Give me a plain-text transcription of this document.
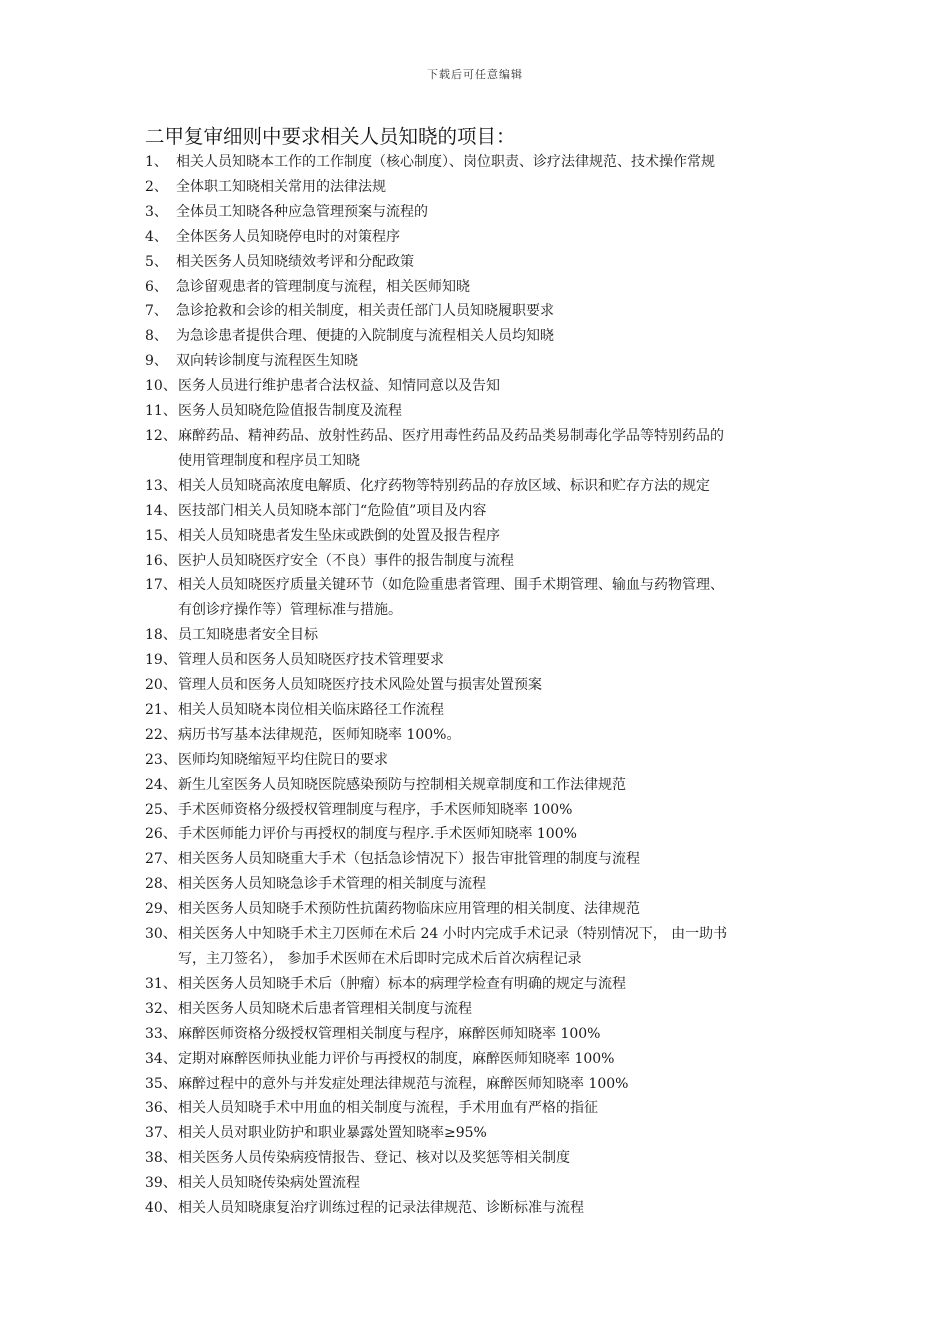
下载后可任意编辑
二甲复审细则中要求相关人员知晓的项目：
1、 相关人员知晓本工作的工作制度（核心制度）、岗位职责、诊疗法律规范、技术操作常规
2、 全体职工知晓相关常用的法律法规
3、 全体员工知晓各种应急管理预案与流程的
4、 全体医务人员知晓停电时的对策程序
5、 相关医务人员知晓绩效考评和分配政策
6、 急诊留观患者的管理制度与流程，相关医师知晓
7、 急诊抢救和会诊的相关制度，相关责任部门人员知晓履职要求
8、 为急诊患者提供合理、便捷的入院制度与流程相关人员均知晓
9、 双向转诊制度与流程医生知晓
10、 医务人员进行维护患者合法权益、知情同意以及告知
11、 医务人员知晓危险值报告制度及流程
12、 麻醉药品、精神药品、放射性药品、医疗用毒性药品及药品类易制毒化学品等特别药品的
使用管理制度和程序员工知晓
13、 相关人员知晓高浓度电解质、化疗药物等特别药品的存放区域、标识和贮存方法的规定
14、 医技部门相关人员知晓本部门“危险值”项目及内容
15、 相关人员知晓患者发生坠床或跌倒的处置及报告程序
16、 医护人员知晓医疗安全（不良）事件的报告制度与流程
17、 相关人员知晓医疗质量关键环节（如危险重患者管理、围手术期管理、输血与药物管理、
有创诊疗操作等）管理标准与措施。
18、 员工知晓患者安全目标
19、 管理人员和医务人员知晓医疗技术管理要求
20、 管理人员和医务人员知晓医疗技术风险处置与损害处置预案
21、 相关人员知晓本岗位相关临床路径工作流程
22、 病历书写基本法律规范，医师知晓率 100%。
23、 医师均知晓缩短平均住院日的要求
24、 新生儿室医务人员知晓医院感染预防与控制相关规章制度和工作法律规范
25、 手术医师资格分级授权管理制度与程序，手术医师知晓率 100%
26、 手术医师能力评价与再授权的制度与程序.手术医师知晓率 100%
27、 相关医务人员知晓重大手术（包括急诊情况下）报告审批管理的制度与流程
28、 相关医务人员知晓急诊手术管理的相关制度与流程
29、 相关医务人员知晓手术预防性抗菌药物临床应用管理的相关制度、法律规范
30、 相关医务人中知晓手术主刀医师在术后 24 小时内完成手术记录（特别情况下， 由一助书
写，主刀签名）， 参加手术医师在术后即时完成术后首次病程记录
31、 相关医务人员知晓手术后（肿瘤）标本的病理学检查有明确的规定与流程
32、 相关医务人员知晓术后患者管理相关制度与流程
33、 麻醉医师资格分级授权管理相关制度与程序，麻醉医师知晓率 100%
34、 定期对麻醉医师执业能力评价与再授权的制度，麻醉医师知晓率 100%
35、 麻醉过程中的意外与并发症处理法律规范与流程，麻醉医师知晓率 100%
36、 相关人员知晓手术中用血的相关制度与流程，手术用血有严格的指征
37、 相关人员对职业防护和职业暴露处置知晓率≥95%
38、 相关医务人员传染病疫情报告、登记、核对以及奖惩等相关制度
39、 相关人员知晓传染病处置流程
40、 相关人员知晓康复治疗训练过程的记录法律规范、诊断标准与流程
